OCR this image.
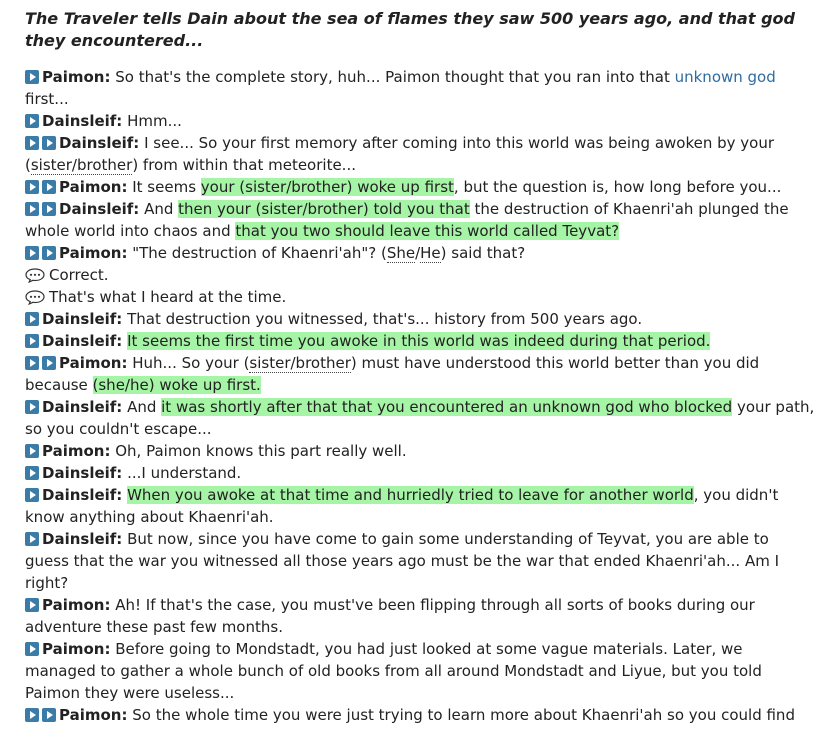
The Traveler tells Dain about the sea of flames they saw 500 years ago, and that god they encountered...

Paimon: So that's the complete story, huh... Paimon thought that you ran into that unknown god first...

Dainsleif: Hmm...

Dainsleif: I see... So your first memory after coming into this world was being awoken by your (sister/brother) from within that meteorite...

Paimon: It seems your (sister/brother) woke up first, but the question is, how long before you...

Dainsleif: And then your (sister/brother) told you that the destruction of Khaenri'ah plunged the whole world into chaos and that you two should leave this world called Teyvat?

Paimon: "The destruction of Khaenri'ah"? (She/He) said that?

Correct.

That's what I heard at the time.

Dainsleif: That destruction you witnessed, that's... history from 500 years ago.

Dainsleif: It seems the first time you awoke in this world was indeed during that period.

Paimon: Huh... So your (sister/brother) must have understood this world better than you did because (she/he) woke up first.

Dainsleif: And it was shortly after that that you encountered an unknown god who blocked your path, so you couldn't escape...

Paimon: Oh, Paimon knows this part really well.

Dainsleif: ...I understand.

Dainsleif: When you awoke at that time and hurriedly tried to leave for another world, you didn't know anything about Khaenri'ah.

Dainsleif: But now, since you have come to gain some understanding of Teyvat, you are able to guess that the war you witnessed all those years ago must be the war that ended Khaenri'ah... Am I right?

Paimon: Ah! If that's the case, you must've been flipping through all sorts of books during our adventure these past few months.

Paimon: Before going to Mondstadt, you had just looked at some vague materials. Later, we managed to gather a whole bunch of old books from all around Mondstadt and Liyue, but you told Paimon they were useless...

Paimon: So the whole time you were just trying to learn more about Khaenri'ah so you could find
